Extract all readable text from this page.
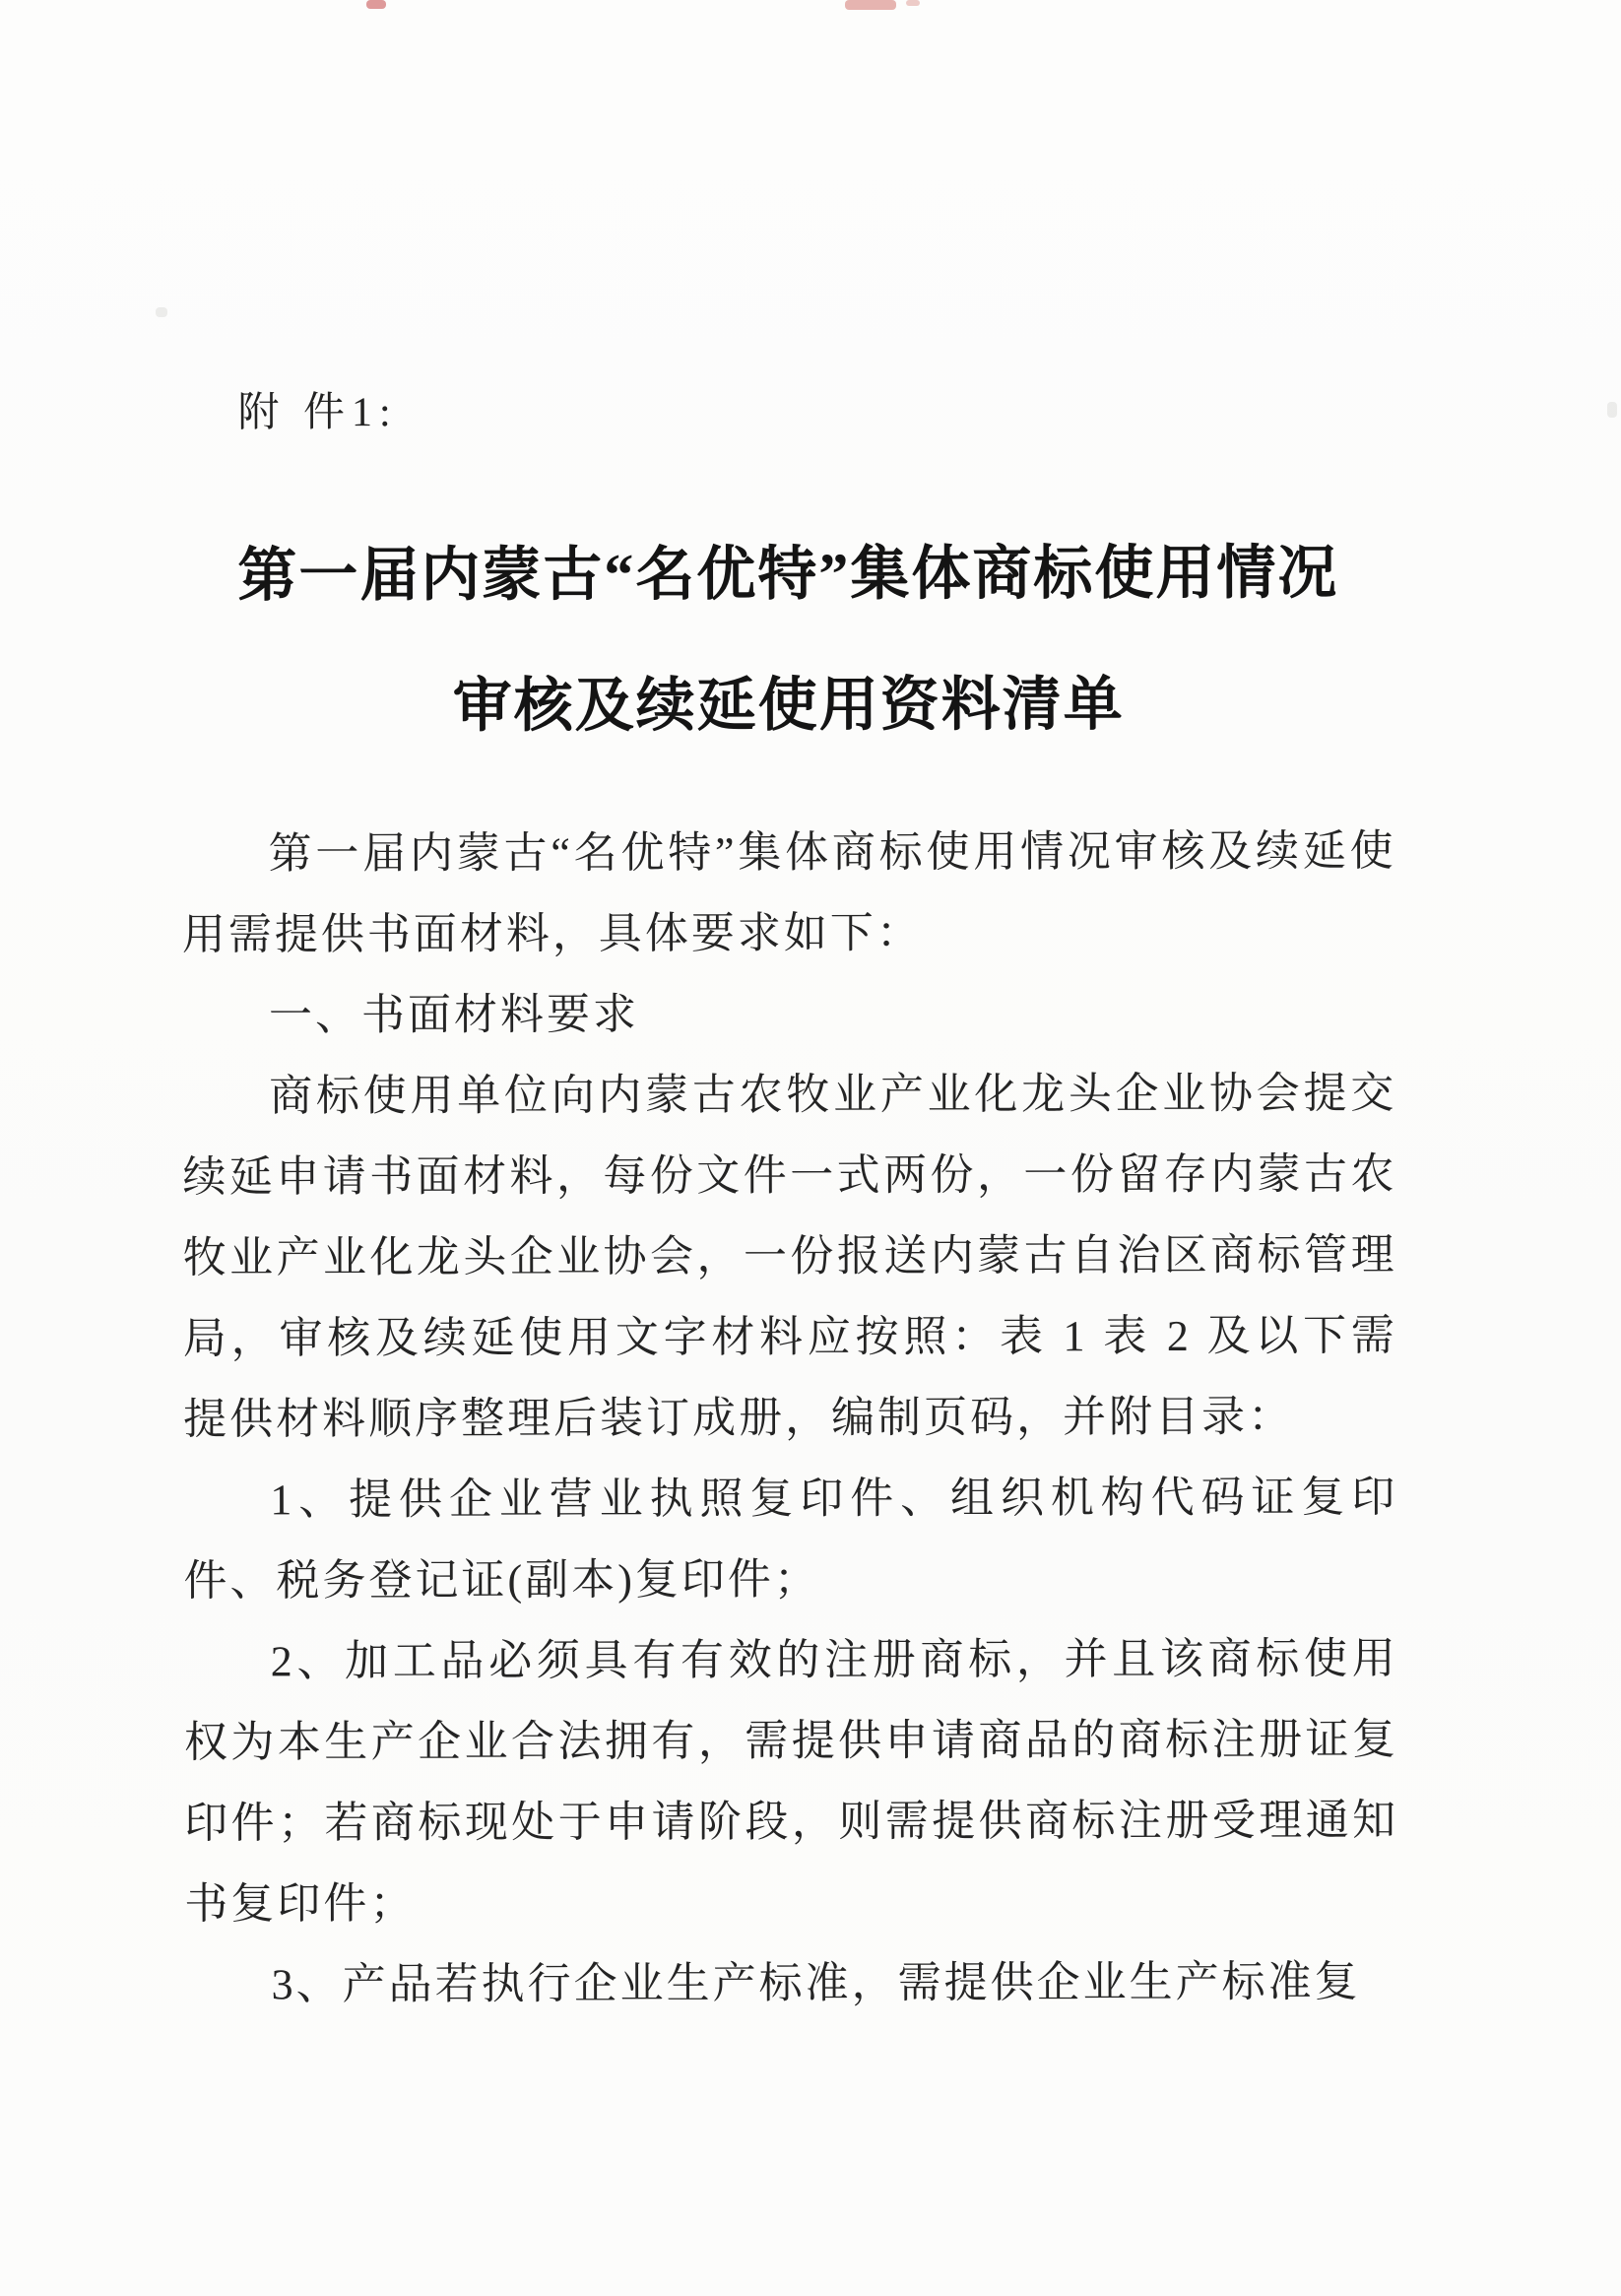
附 件1:

第一届内蒙古“名优特”集体商标使用情况
审核及续延使用资料清单

第一届内蒙古“名优特”集体商标使用情况审核及续延使用需提供书面材料，具体要求如下：

一、书面材料要求

商标使用单位向内蒙古农牧业产业化龙头企业协会提交续延申请书面材料，每份文件一式两份，一份留存内蒙古农牧业产业化龙头企业协会，一份报送内蒙古自治区商标管理局，审核及续延使用文字材料应按照：表 1 表 2 及以下需提供材料顺序整理后装订成册，编制页码，并附目录：

1、提供企业营业执照复印件、组织机构代码证复印件、税务登记证(副本)复印件；

2、加工品必须具有有效的注册商标，并且该商标使用权为本生产企业合法拥有，需提供申请商品的商标注册证复印件；若商标现处于申请阶段，则需提供商标注册受理通知书复印件；

3、产品若执行企业生产标准，需提供企业生产标准复
